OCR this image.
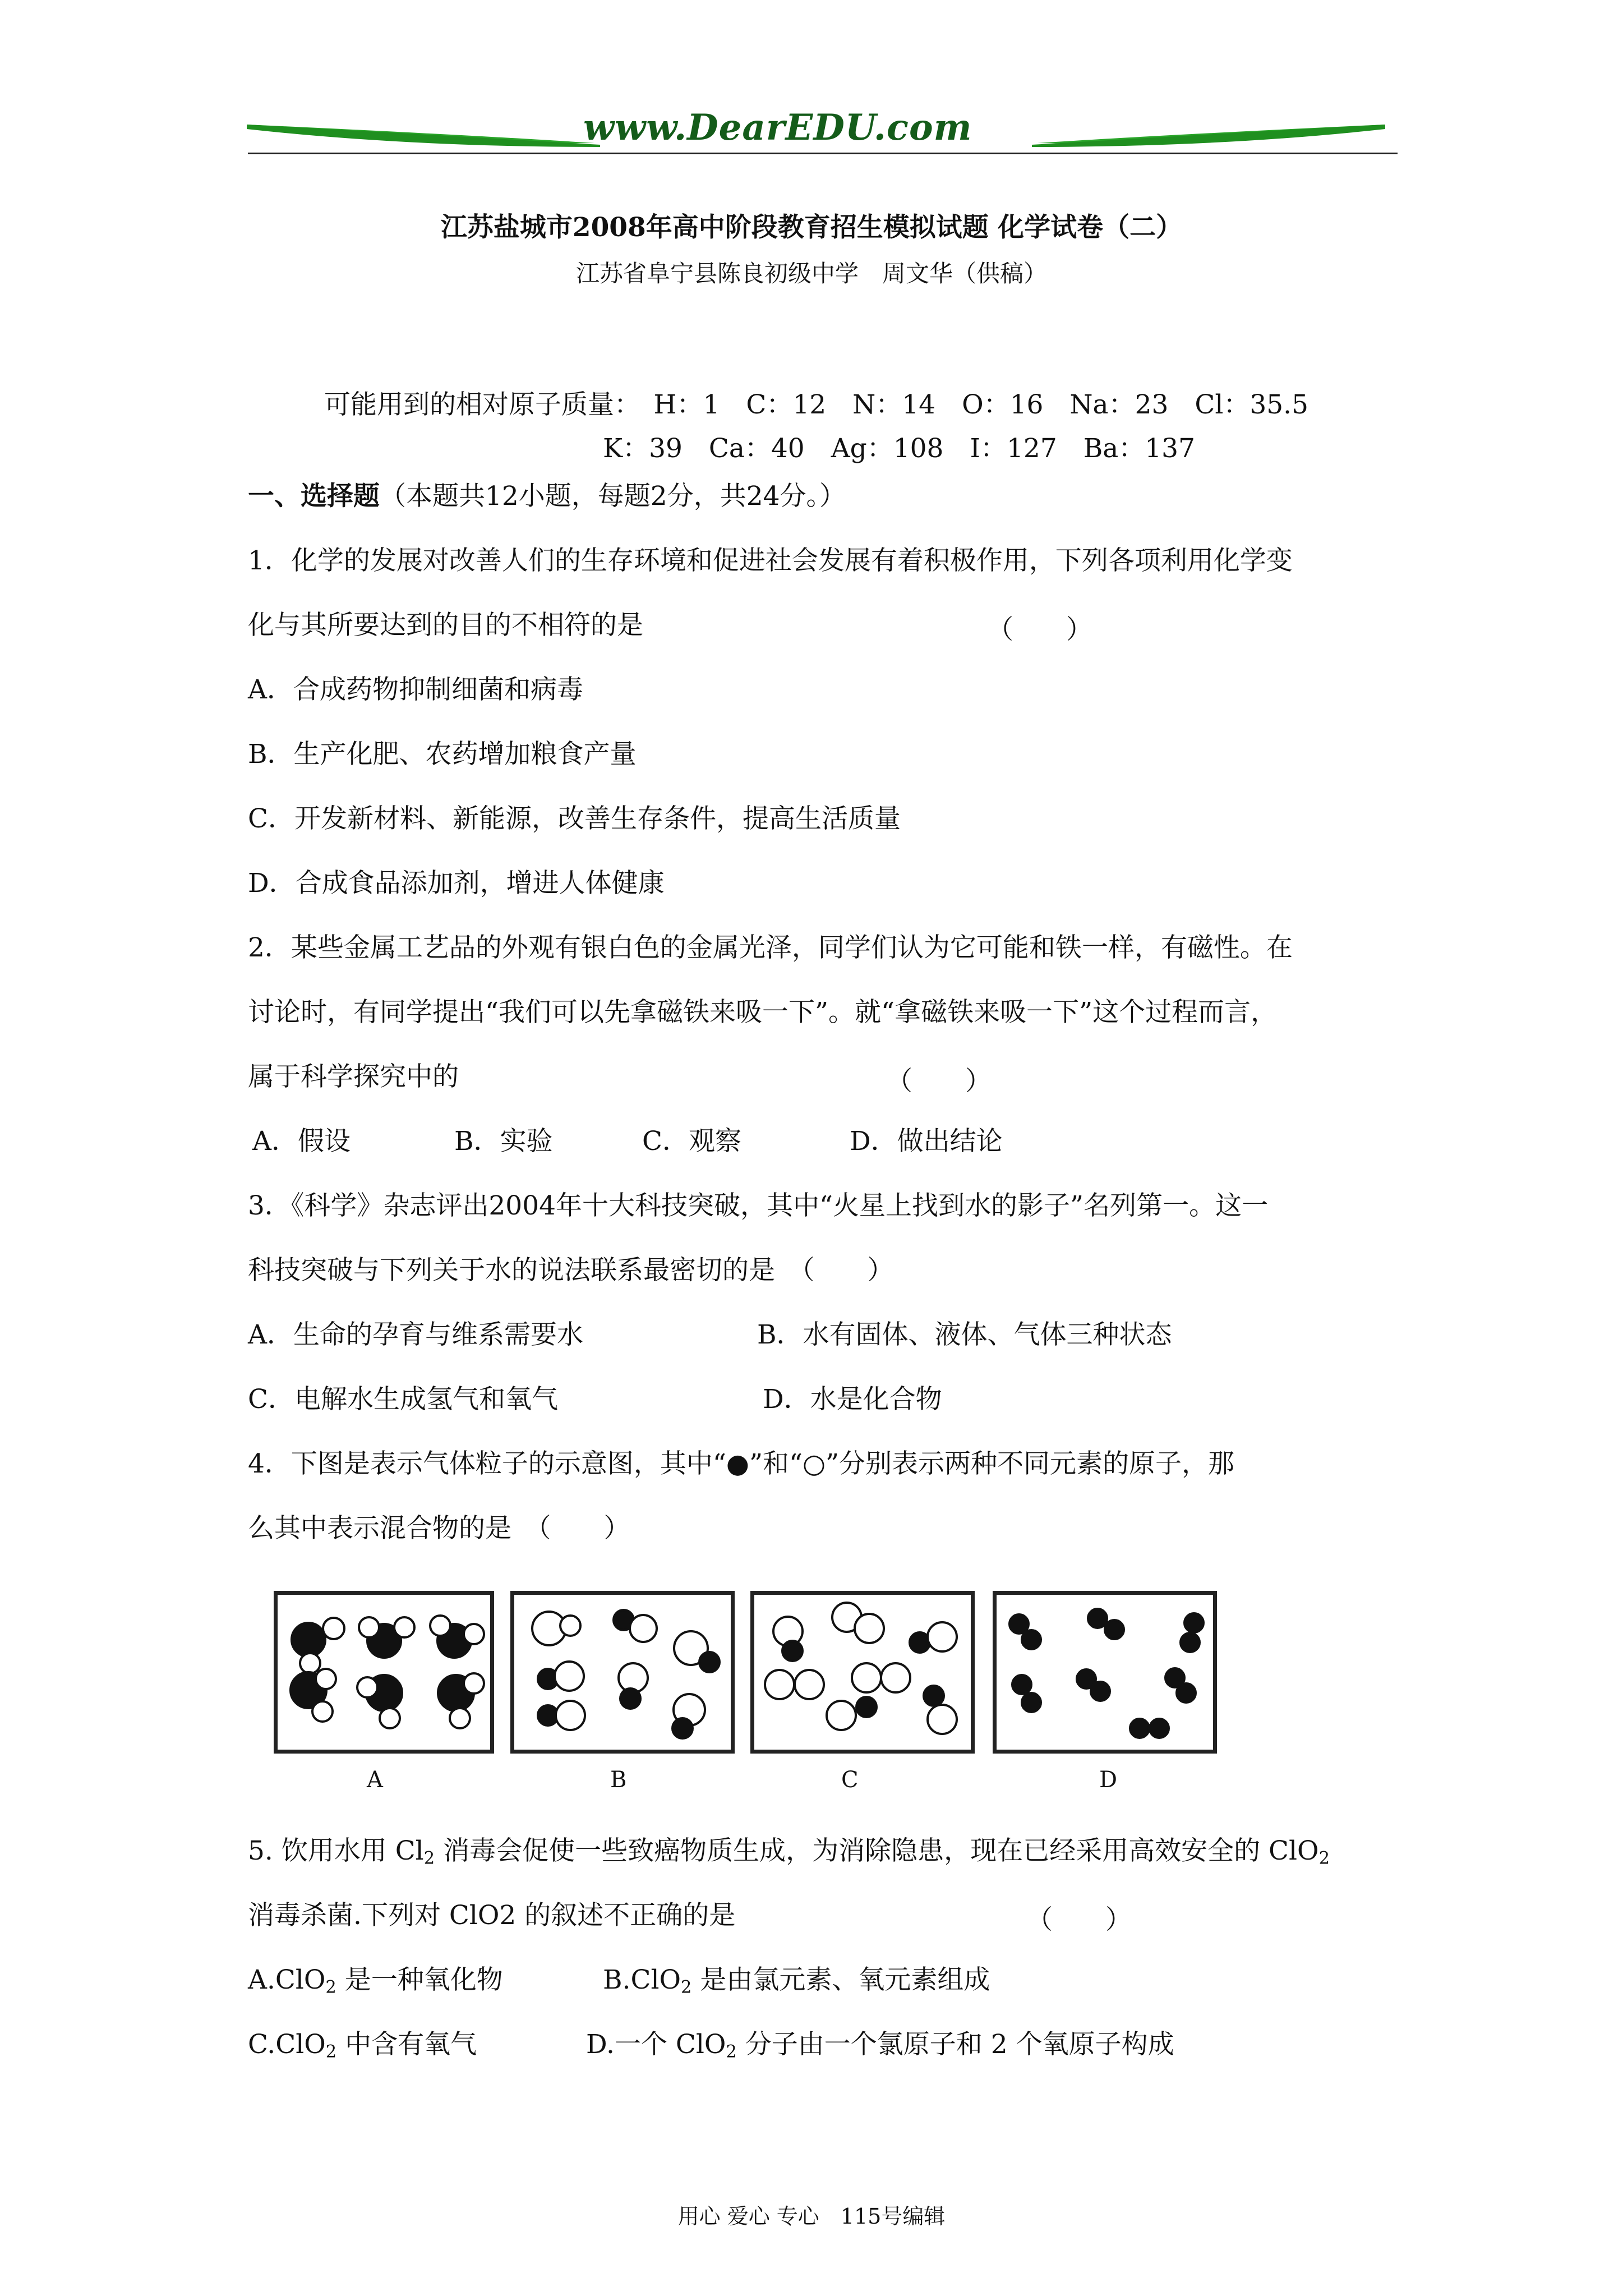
www.DearEDU.com
江苏盐城市2008年高中阶段教育招生模拟试题 化学试卷（二）
江苏省阜宁县陈良初级中学　周文华（供稿）
可能用到的相对原子质量：　H：1　C：12　N：14　O：16　Na：23　Cl：35.5
K：39　Ca：40　Ag：108　I：127　Ba：137
一、选择题（本题共12小题，每题2分，共24分。）
1．化学的发展对改善人们的生存环境和促进社会发展有着积极作用，下列各项利用化学变
化与其所要达到的目的不相符的是	（　　）
A．合成药物抑制细菌和病毒
B．生产化肥、农药增加粮食产量
C．开发新材料、新能源，改善生存条件，提高生活质量
D．合成食品添加剂，增进人体健康
2．某些金属工艺品的外观有银白色的金属光泽，同学们认为它可能和铁一样，有磁性。在
讨论时，有同学提出“我们可以先拿磁铁来吸一下”。就“拿磁铁来吸一下”这个过程而言，
属于科学探究中的	（　　）
A．假设	B．实验	C．观察	D．做出结论
3．《科学》杂志评出2004年十大科技突破，其中“火星上找到水的影子”名列第一。这一
科技突破与下列关于水的说法联系最密切的是　（　　）
A．生命的孕育与维系需要水	B．水有固体、液体、气体三种状态
C．电解水生成氢气和氧气	D．水是化合物
4．下图是表示气体粒子的示意图，其中“●”和“○”分别表示两种不同元素的原子，那
么其中表示混合物的是　（　　）
A	B	C	D
5. 饮用水用 $Cl_2$ 消毒会促使一些致癌物质生成，为消除隐患，现在已经采用高效安全的 ClO$_2$
消毒杀菌.下列对 ClO2 的叙述不正确的是	（　　）
A.ClO$_2$ 是一种氧化物	B.ClO$_2$ 是由氯元素、氧元素组成
C.ClO$_2$ 中含有氧气	D.一个 ClO$_2$ 分子由一个氯原子和 2 个氧原子构成
用心 爱心 专心　115号编辑
